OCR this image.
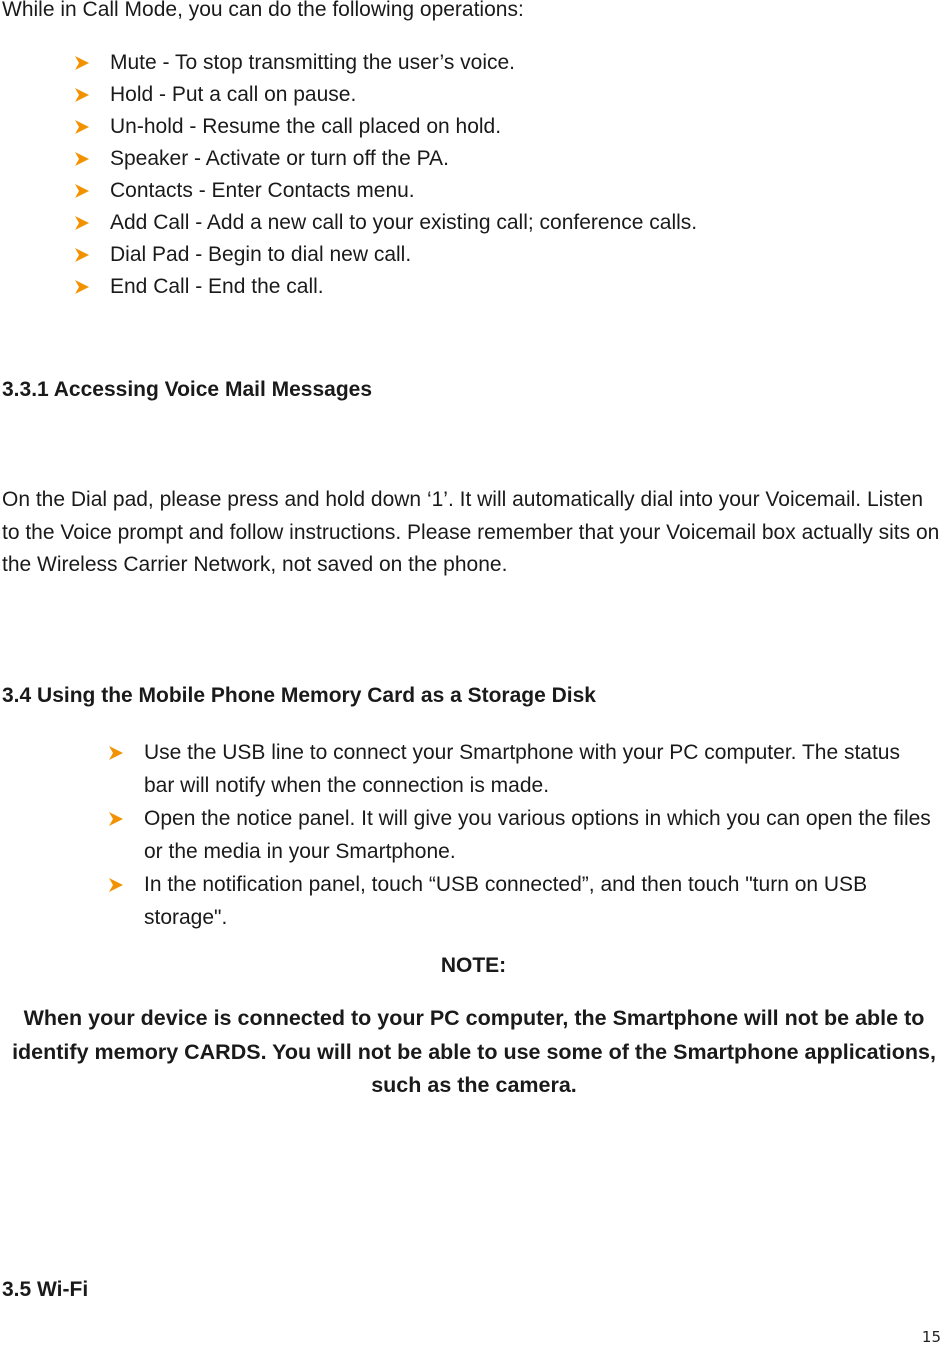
While in Call Mode, you can do the following operations:
Mute - To stop transmitting the user’s voice.
Hold - Put a call on pause.
Un-hold - Resume the call placed on hold.
Speaker - Activate or turn off the PA.
Contacts - Enter Contacts menu.
Add Call - Add a new call to your existing call; conference calls.
Dial Pad - Begin to dial new call.
End Call - End the call.
3.3.1 Accessing Voice Mail Messages

On the Dial pad, please press and hold down ‘1’. It will automatically dial into your Voicemail. Listen to the Voice prompt and follow instructions. Please remember that your Voicemail box actually sits on the Wireless Carrier Network, not saved on the phone.

3.4 Using the Mobile Phone Memory Card as a Storage Disk
Use the USB line to connect your Smartphone with your PC computer. The status bar will notify when the connection is made.
Open the notice panel. It will give you various options in which you can open the files or the media in your Smartphone.
In the notification panel, touch “USB connected”, and then touch "turn on USB storage".
NOTE:
When your device is connected to your PC computer, the Smartphone will not be able to identify memory CARDS. You will not be able to use some of the Smartphone applications, such as the camera.
3.5 Wi-Fi
15
